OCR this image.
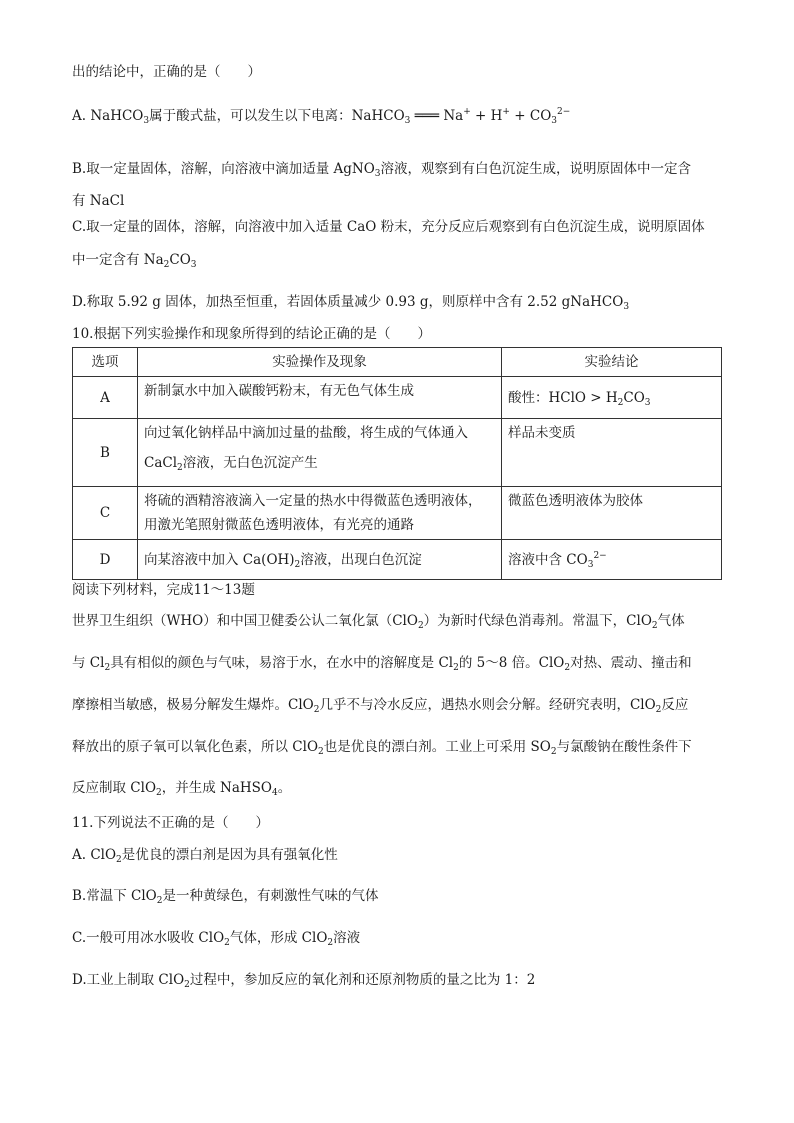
出的结论中，正确的是（　　）
A. NaHCO$_3$属于酸式盐，可以发生以下电离：NaHCO$_3$ ═══ $Na^+ + H^+ + CO_3^{2-}$
B.取一定量固体，溶解，向溶液中滴加适量 AgNO$_3$溶液，观察到有白色沉淀生成，说明原固体中一定含
有 NaCl
C.取一定量的固体，溶解，向溶液中加入适量 CaO 粉末，充分反应后观察到有白色沉淀生成，说明原固体
中一定含有 $Na_2CO_3$
D.称取 5.92 g 固体，加热至恒重，若固体质量减少 0.93 g，则原样中含有 2.52 gNaHCO$_3$
10.根据下列实验操作和现象所得到的结论正确的是（　　）
选项	实验操作及现象	实验结论
A	新制氯水中加入碳酸钙粉末，有无色气体生成	酸性：HClO > $H_2CO_3$
B	向过氧化钠样品中滴加过量的盐酸，将生成的气体通入
CaCl$_2$溶液，无白色沉淀产生	样品未变质
C	将硫的酒精溶液滴入一定量的热水中得微蓝色透明液体，
用激光笔照射微蓝色透明液体，有光亮的通路	微蓝色透明液体为胶体
D	向某溶液中加入 $Ca(OH)_2$溶液，出现白色沉淀	溶液中含 $CO_3^{2-}$
阅读下列材料，完成11～13题
世界卫生组织（WHO）和中国卫健委公认二氧化氯（ClO$_2$）为新时代绿色消毒剂。常温下，ClO$_2$气体
与 $Cl_2$具有相似的颜色与气味，易溶于水，在水中的溶解度是 $Cl_2$的 5～8 倍。ClO$_2$对热、震动、撞击和
摩擦相当敏感，极易分解发生爆炸。ClO$_2$几乎不与冷水反应，遇热水则会分解。经研究表明，ClO$_2$反应
释放出的原子氧可以氧化色素，所以 ClO$_2$也是优良的漂白剂。工业上可采用 $SO_2$与氯酸钠在酸性条件下
反应制取 ClO$_2$，并生成 NaHSO$_4$。
11.下列说法不正确的是（　　）
A. ClO$_2$是优良的漂白剂是因为具有强氧化性
B.常温下 ClO$_2$是一种黄绿色，有刺激性气味的气体
C.一般可用冰水吸收 ClO$_2$气体，形成 ClO$_2$溶液
D.工业上制取 ClO$_2$过程中，参加反应的氧化剂和还原剂物质的量之比为 1：2
